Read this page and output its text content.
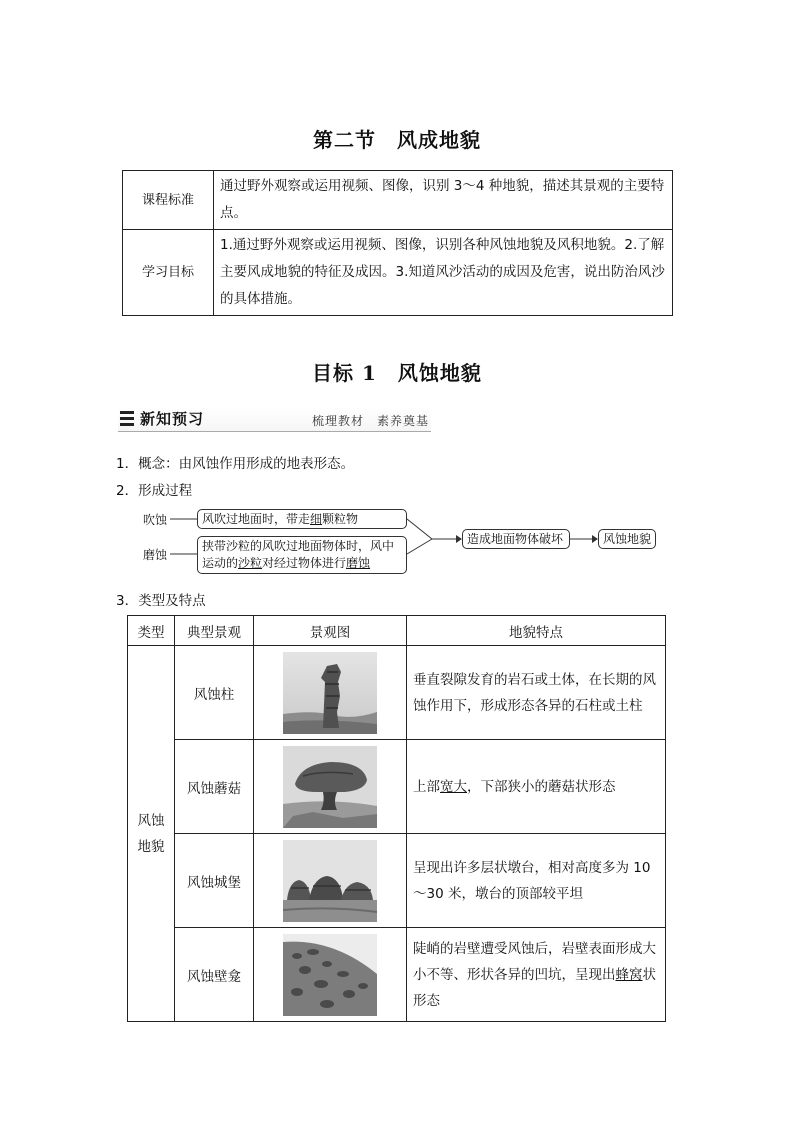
第二节　风成地貌
课程标准	通过野外观察或运用视频、图像，识别 3～4 种地貌，描述其景观的主要特点。
学习目标	1.通过野外观察或运用视频、图像，识别各种风蚀地貌及风积地貌。2.了解主要风成地貌的特征及成因。3.知道风沙活动的成因及危害，说出防治风沙的具体措施。
目标 1　风蚀地貌
新知预习	梳理教材　素养奠基
1．概念：由风蚀作用形成的地表形态。
2．形成过程
吹蚀
磨蚀
风吹过地面时，带走细颗粒物
挟带沙粒的风吹过地面物体时，风中
运动的沙粒对经过物体进行磨蚀
造成地面物体破坏	风蚀地貌
3．类型及特点
类型	典型景观	景观图	地貌特点

风蚀
地貌	风蚀柱		垂直裂隙发育的岩石或土体，在长期的风蚀作用下，形成形态各异的石柱或土柱
	风蚀蘑菇		上部宽大，下部狭小的蘑菇状形态
	风蚀城堡		呈现出许多层状墩台，相对高度多为 10～30 米，墩台的顶部较平坦
	风蚀壁龛		陡峭的岩壁遭受风蚀后，岩壁表面形成大小不等、形状各异的凹坑，呈现出蜂窝状形态
